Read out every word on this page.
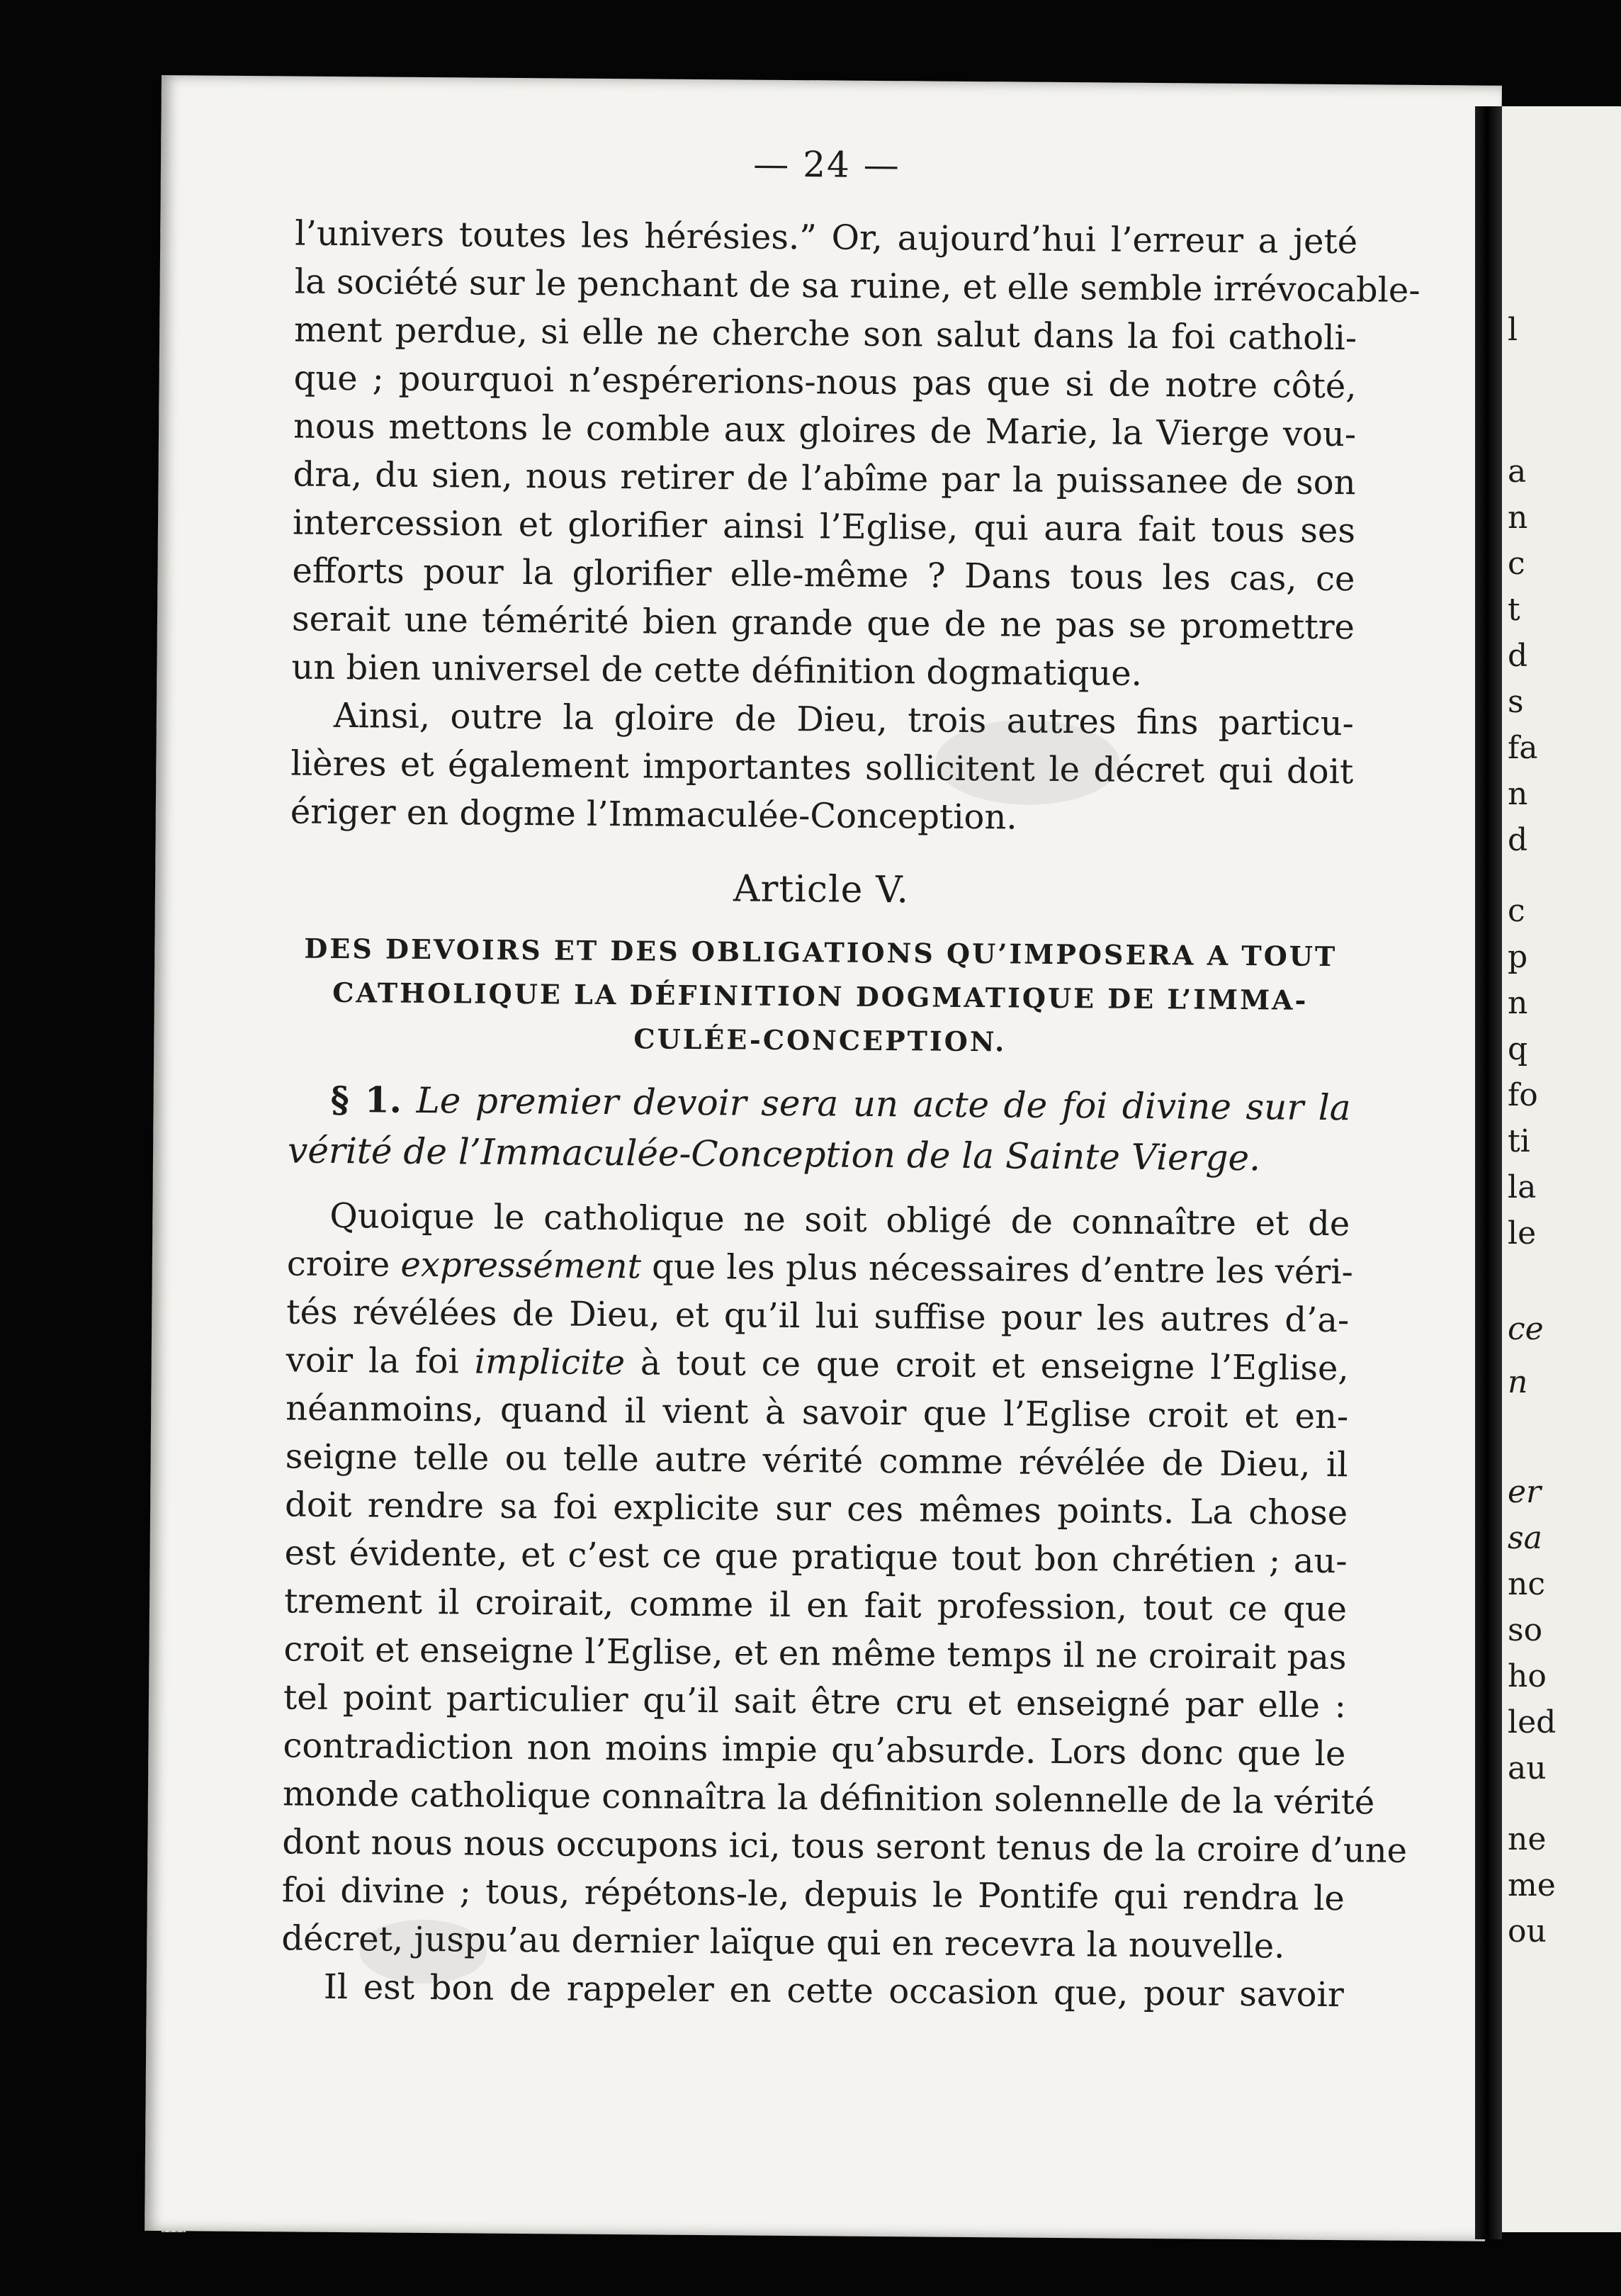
— 24 —
l’univers toutes les hérésies.” Or, aujourd’hui l’erreur a jeté
la société sur le penchant de sa ruine, et elle semble irrévocable-
ment perdue, si elle ne cherche son salut dans la foi catholi-
que ; pourquoi n’espérerions-nous pas que si de notre côté,
nous mettons le comble aux gloires de Marie, la Vierge vou-
dra, du sien, nous retirer de l’abîme par la puissanee de son
intercession et glorifier ainsi l’Eglise, qui aura fait tous ses
efforts pour la glorifier elle-même ? Dans tous les cas, ce
serait une témérité bien grande que de ne pas se promettre
un bien universel de cette définition dogmatique.
Ainsi, outre la gloire de Dieu, trois autres fins particu-
lières et également importantes sollicitent le décret qui doit
ériger en dogme l’Immaculée-Conception.
Article V.
DES DEVOIRS ET DES OBLIGATIONS QU’IMPOSERA A TOUT
CATHOLIQUE LA DÉFINITION DOGMATIQUE DE L’IMMA-
CULÉE-CONCEPTION.
§ 1. Le premier devoir sera un acte de foi divine sur la
vérité de l’Immaculée-Conception de la Sainte Vierge.
Quoique le catholique ne soit obligé de connaître et de
croire expressément que les plus nécessaires d’entre les véri-
tés révélées de Dieu, et qu’il lui suffise pour les autres d’a-
voir la foi implicite à tout ce que croit et enseigne l’Eglise,
néanmoins, quand il vient à savoir que l’Eglise croit et en-
seigne telle ou telle autre vérité comme révélée de Dieu, il
doit rendre sa foi explicite sur ces mêmes points. La chose
est évidente, et c’est ce que pratique tout bon chrétien ; au-
trement il croirait, comme il en fait profession, tout ce que
croit et enseigne l’Eglise, et en même temps il ne croirait pas
tel point particulier qu’il sait être cru et enseigné par elle :
contradiction non moins impie qu’absurde. Lors donc que le
monde catholique connaîtra la définition solennelle de la vérité
dont nous nous occupons ici, tous seront tenus de la croire d’une
foi divine ; tous, répétons-le, depuis le Pontife qui rendra le
décret, juspu’au dernier laïque qui en recevra la nouvelle.
Il est bon de rappeler en cette occasion que, pour savoir
l
a
n
c
t
d
s
fa
n
d
c
p
n
q
fo
ti
la
le
ce
n
er
sa
nc
so
ho
led
au
ne
me
ou
